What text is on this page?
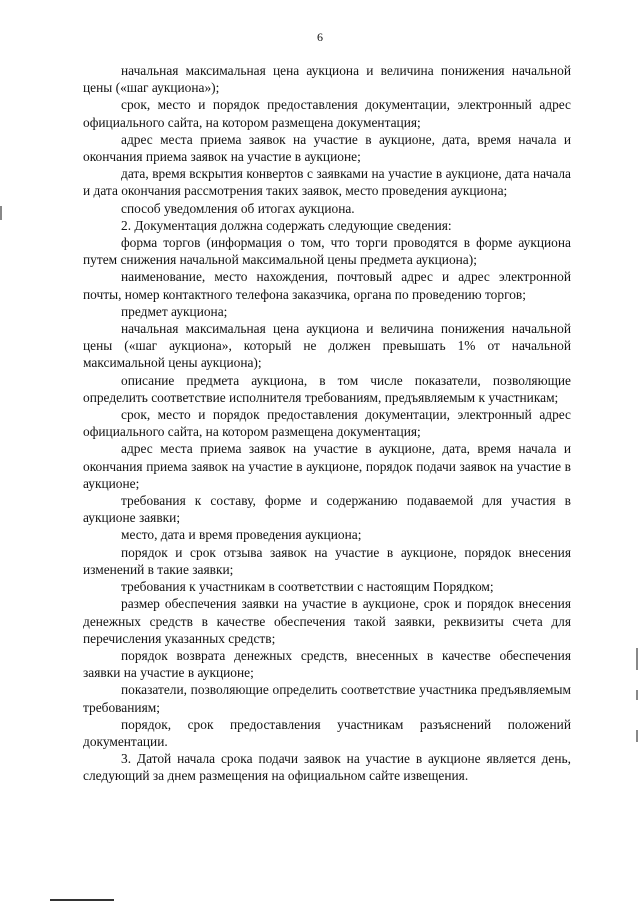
6

начальная максимальная цена аукциона и величина понижения начальной цены («шаг аукциона»);

срок, место и порядок предоставления документации, электронный адрес официального сайта, на котором размещена документация;

адрес места приема заявок на участие в аукционе, дата, время начала и окончания приема заявок на участие в аукционе;

дата, время вскрытия конвертов с заявками на участие в аукционе, дата начала и дата окончания рассмотрения таких заявок, место проведения аукциона;

способ уведомления об итогах аукциона.

2. Документация должна содержать следующие сведения:

форма торгов (информация о том, что торги проводятся в форме аукциона путем снижения начальной максимальной цены предмета аукциона);

наименование, место нахождения, почтовый адрес и адрес электронной почты, номер контактного телефона заказчика, органа по проведению торгов;

предмет аукциона;

начальная максимальная цена аукциона и величина понижения начальной цены («шаг аукциона», который не должен превышать 1% от начальной максимальной цены аукциона);

описание предмета аукциона, в том числе показатели, позволяющие определить соответствие исполнителя требованиям, предъявляемым к участникам;

срок, место и порядок предоставления документации, электронный адрес официального сайта, на котором размещена документация;

адрес места приема заявок на участие в аукционе, дата, время начала и окончания приема заявок на участие в аукционе, порядок подачи заявок на участие в аукционе;

требования к составу, форме и содержанию подаваемой для участия в аукционе заявки;

место, дата и время проведения аукциона;

порядок и срок отзыва заявок на участие в аукционе, порядок внесения изменений в такие заявки;

требования к участникам в соответствии с настоящим Порядком;

размер обеспечения заявки на участие в аукционе, срок и порядок внесения денежных средств в качестве обеспечения такой заявки, реквизиты счета для перечисления указанных средств;

порядок возврата денежных средств, внесенных в качестве обеспечения заявки на участие в аукционе;

показатели, позволяющие определить соответствие участника предъявляемым требованиям;

порядок, срок предоставления участникам разъяснений положений документации.

3. Датой начала срока подачи заявок на участие в аукционе является день, следующий за днем размещения на официальном сайте извещения.
